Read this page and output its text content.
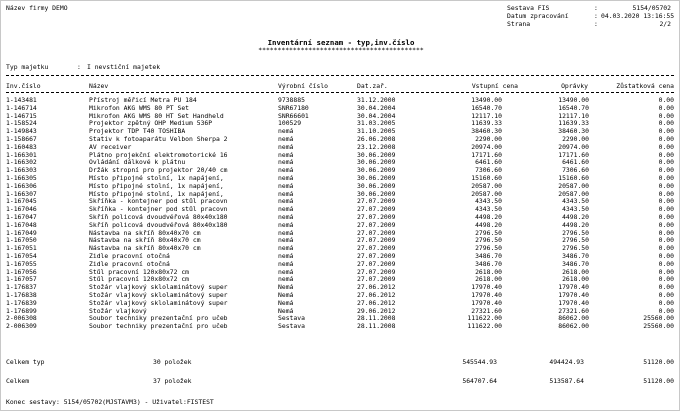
Název firmy DEMO	Sestava FIS	:	5154/05702
Datum zpracování	: 04.03.2020 13:16:55
Strana	:	2/2
Inventární seznam - typ,inv.číslo
*******************************************
Typ majetku	: I nevstiční majetek
Inv.číslo	Název	Výrobní číslo	Dat.zař.	Vstupní cena	Oprávky	Zůstatková cena
1-143481	Přístroj měřicí Metra PU 184	9738885	31.12.2000	13490.00	13490.00	0.00
1-146714	Mikrofon AKG WMS 80 PT Set	SNR67180	30.04.2004	16540.70	16540.70	0.00
1-146715	Mikrofon AKG WMS 80 HT Set Handheld	SNR66601	30.04.2004	12117.10	12117.10	0.00
1-158524	Projektor zpětný OHP Medium 536P	100529	31.03.2005	11639.33	11639.33	0.00
1-149843	Projektor TDP T40 TOSHIBA	nemá	31.10.2005	38460.30	38460.30	0.00
1-158667	Stativ k fotoaparátu Velbon Sherpa 2	nemá	26.06.2008	2290.00	2290.00	0.00
1-160483	AV receiver	nemá	23.12.2008	20974.00	20974.00	0.00
1-166301	Plátno projekční elektromotorické 16	nemá	30.06.2009	17171.60	17171.60	0.00
1-166302	Ovládání dálkové k plátnu	nemá	30.06.2009	6461.60	6461.60	0.00
1-166303	Držák stropní pro projektor 20/40 cm	nemá	30.06.2009	7306.60	7306.60	0.00
1-166305	Místo připojné stolní, 1x napájení,	nemá	30.06.2009	15160.60	15160.60	0.00
1-166306	Místo připojné stolní, 1x napájení,	nemá	30.06.2009	20587.00	20587.00	0.00
1-166307	Místo připojné stolní, 1x napájení,	nemá	30.06.2009	20587.00	20587.00	0.00
1-167045	Skříňka - kontejner pod stůl pracovn	nemá	27.07.2009	4343.50	4343.50	0.00
1-167046	Skříňka - kontejner pod stůl pracovn	nemá	27.07.2009	4343.50	4343.50	0.00
1-167047	Skříň policová dvoudvéřová 80x40x180	nemá	27.07.2009	4498.20	4498.20	0.00
1-167048	Skříň policová dvoudvéřová 80x40x180	nemá	27.07.2009	4498.20	4498.20	0.00
1-167049	Nástavba na skříň 80x40x70 cm	nemá	27.07.2009	2796.50	2796.50	0.00
1-167050	Nástavba na skříň 80x40x70 cm	nemá	27.07.2009	2796.50	2796.50	0.00
1-167051	Nástavba na skříň 80x40x70 cm	nemá	27.07.2009	2796.50	2796.50	0.00
1-167054	Židle pracovní otočná	nemá	27.07.2009	3486.70	3486.70	0.00
1-167055	Židle pracovní otočná	nemá	27.07.2009	3486.70	3486.70	0.00
1-167056	Stůl pracovní 120x80x72 cm	nemá	27.07.2009	2618.00	2618.00	0.00
1-167057	Stůl pracovní 120x80x72 cm	nemá	27.07.2009	2618.00	2618.00	0.00
1-176837	Stožár vlajkový sklolaminátový super	Nemá	27.06.2012	17970.40	17970.40	0.00
1-176838	Stožár vlajkový sklolaminátový super	Nemá	27.06.2012	17970.40	17970.40	0.00
1-176839	Stožár vlajkový sklolaminátový super	Nemá	27.06.2012	17970.40	17970.40	0.00
1-176899	Stožár vlajkový	Nemá	29.06.2012	27321.60	27321.60	0.00
2-006308	Soubor techniky prezentační pro učeb	Sestava	28.11.2008	111622.00	86062.00	25560.00
2-006309	Soubor techniky prezentační pro učeb	Sestava	28.11.2008	111622.00	86062.00	25560.00
Celkem typ	30 položek	545544.93	494424.93	51120.00
Celkem	37 položek	564707.64	513587.64	51120.00
Konec sestavy: 5154/05702(MJSTAVM3) - Uživatel:FISTEST
